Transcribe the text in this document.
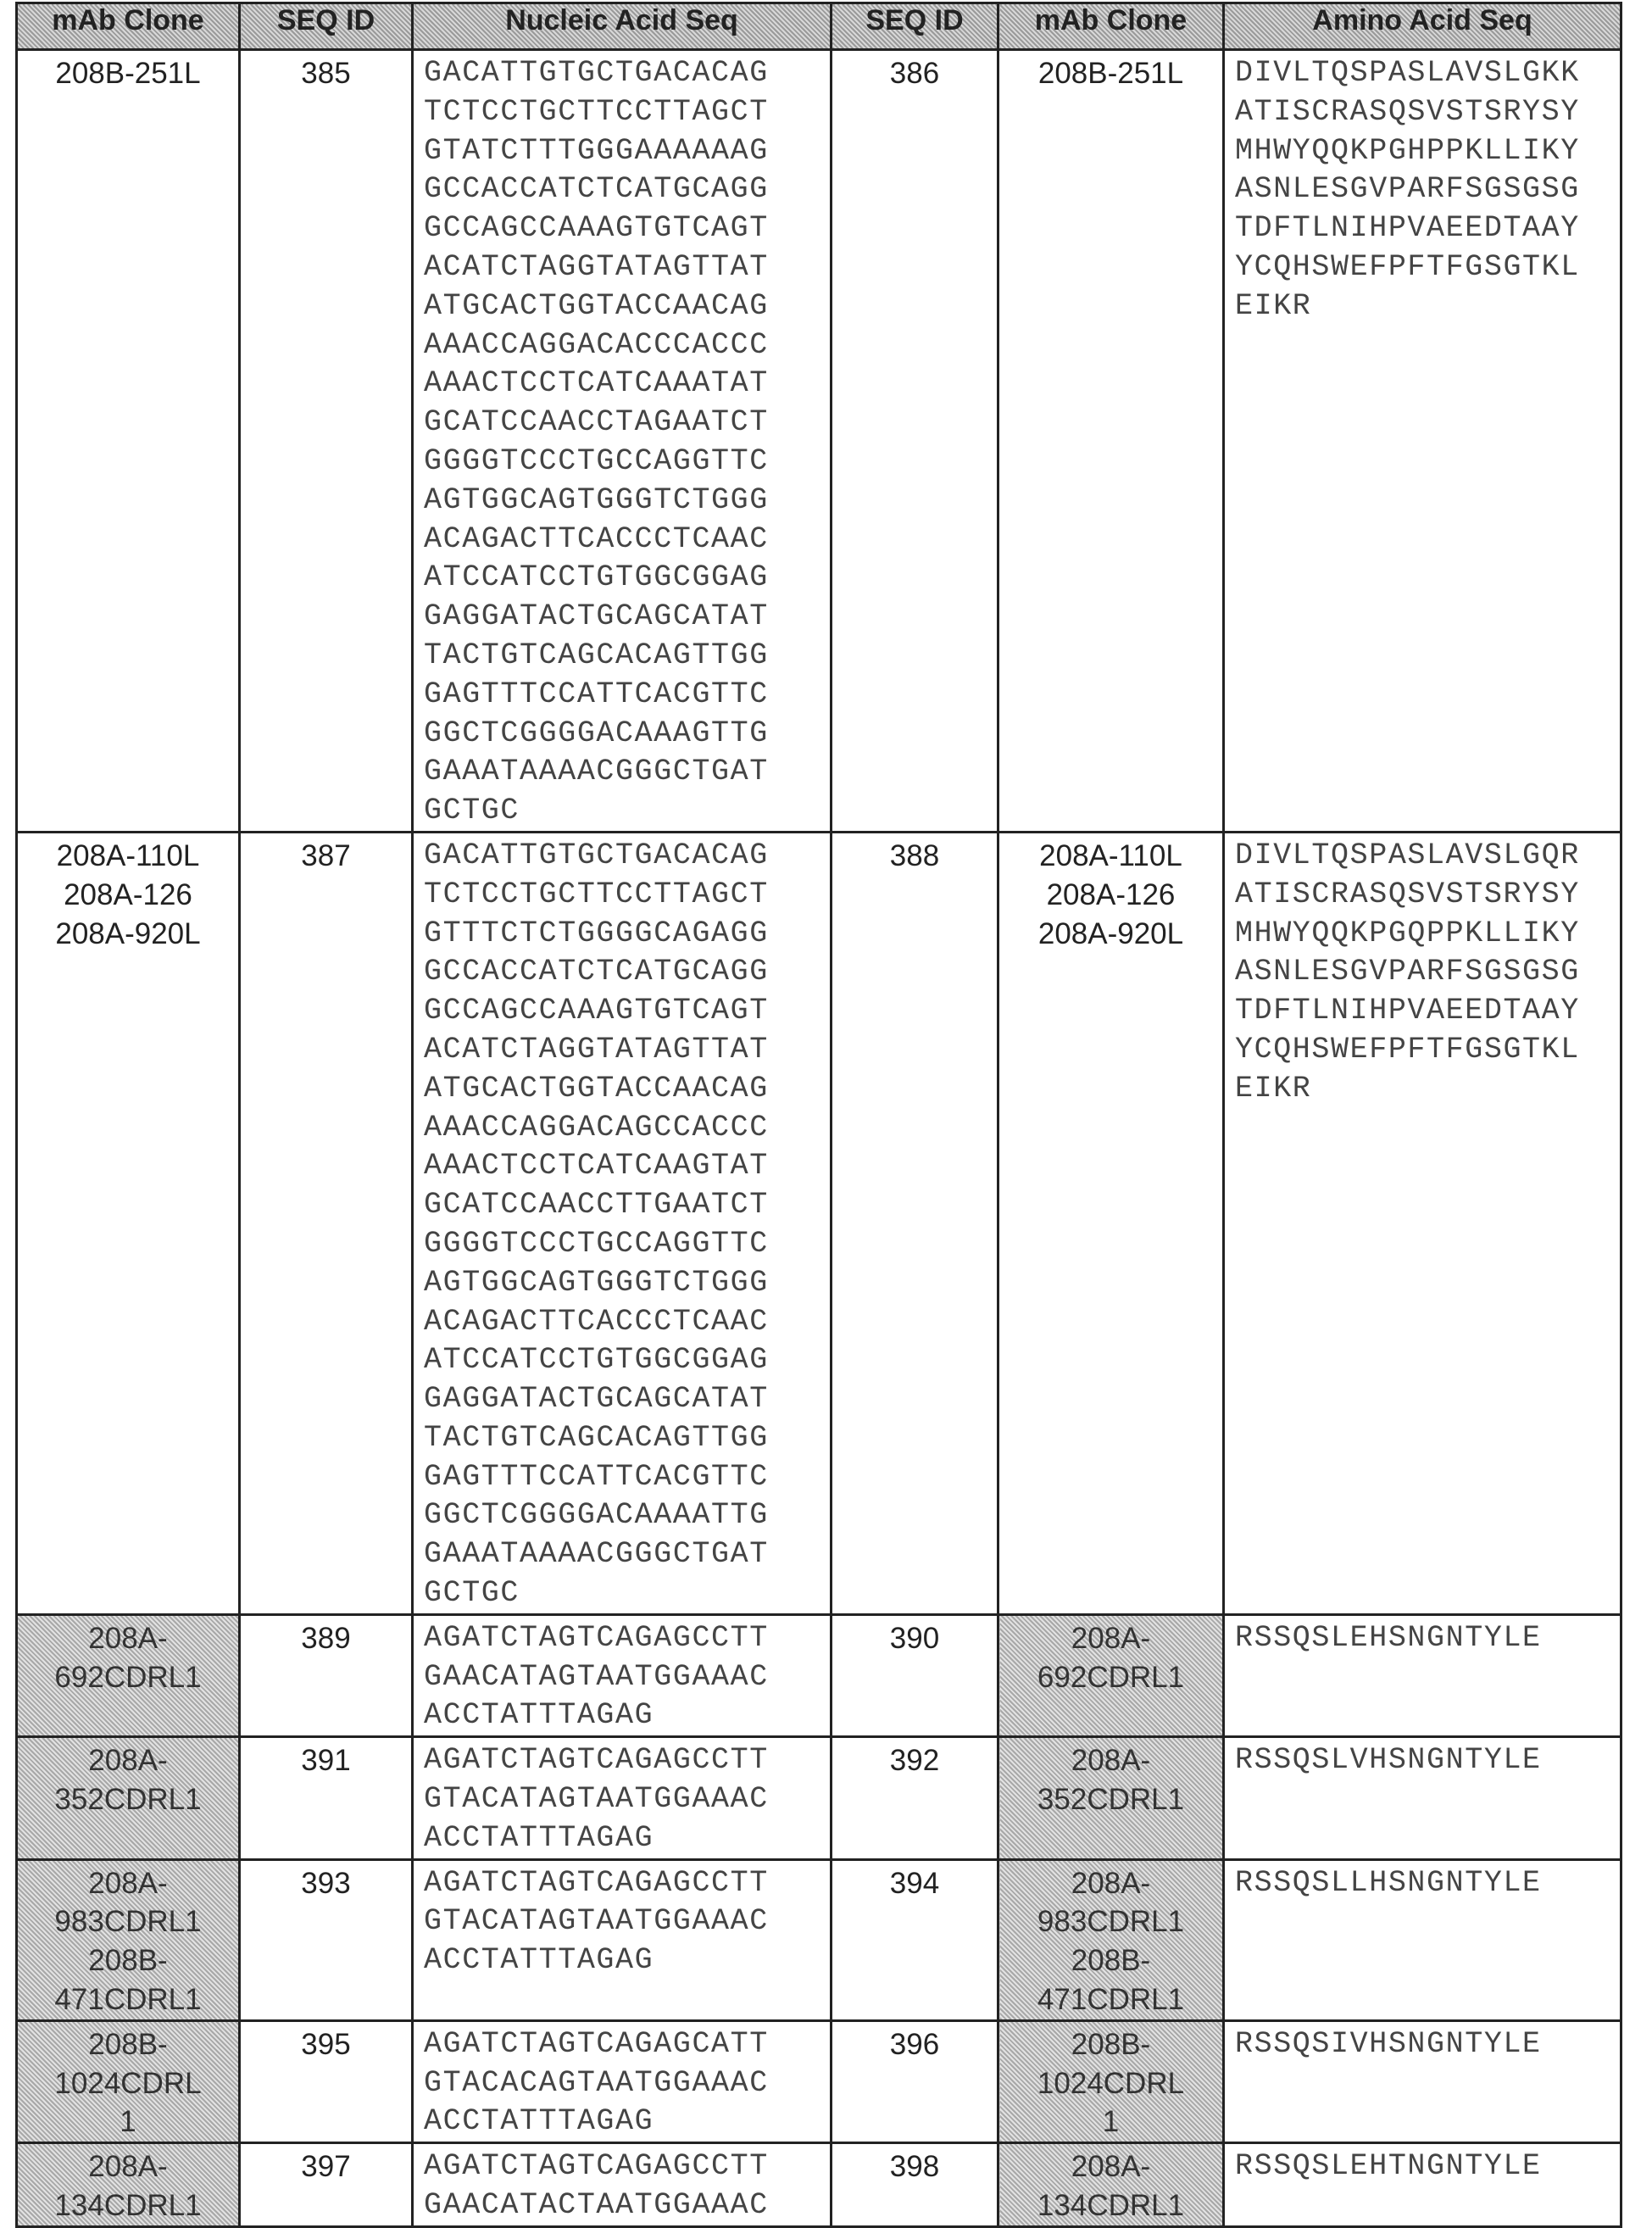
mAb Clone	SEQ ID	Nucleic Acid Seq	SEQ ID	mAb Clone	Amino Acid Seq

208B-251L	385	GACATTGTGCTGACACAG
TCTCCTGCTTCCTTAGCT
GTATCTTTGGGAAAAAAG
GCCACCATCTCATGCAGG
GCCAGCCAAAGTGTCAGT
ACATCTAGGTATAGTTAT
ATGCACTGGTACCAACAG
AAACCAGGACACCCACCC
AAACTCCTCATCAAATAT
GCATCCAACCTAGAATCT
GGGGTCCCTGCCAGGTTC
AGTGGCAGTGGGTCTGGG
ACAGACTTCACCCTCAAC
ATCCATCCTGTGGCGGAG
GAGGATACTGCAGCATAT
TACTGTCAGCACAGTTGG
GAGTTTCCATTCACGTTC
GGCTCGGGGACAAAGTTG
GAAATAAAACGGGCTGAT
GCTGC
	386	208B-251L	DIVLTQSPASLAVSLGKK
ATISCRASQSVSTSRYSY
MHWYQQKPGHPPKLLIKY
ASNLESGVPARFSGSGSG
TDFTLNIHPVAEEDTAAY
YCQHSWEFPFTFGSGTKL
EIKR

208A-110L
208A-126
208A-920L
	387	GACATTGTGCTGACACAG
TCTCCTGCTTCCTTAGCT
GTTTCTCTGGGGCAGAGG
GCCACCATCTCATGCAGG
GCCAGCCAAAGTGTCAGT
ACATCTAGGTATAGTTAT
ATGCACTGGTACCAACAG
AAACCAGGACAGCCACCC
AAACTCCTCATCAAGTAT
GCATCCAACCTTGAATCT
GGGGTCCCTGCCAGGTTC
AGTGGCAGTGGGTCTGGG
ACAGACTTCACCCTCAAC
ATCCATCCTGTGGCGGAG
GAGGATACTGCAGCATAT
TACTGTCAGCACAGTTGG
GAGTTTCCATTCACGTTC
GGCTCGGGGACAAAATTG
GAAATAAAACGGGCTGAT
GCTGC
	388	208A-110L
208A-126
208A-920L

DIVLTQSPASLAVSLGQR
ATISCRASQSVSTSRYSY
MHWYQQKPGQPPKLLIKY
ASNLESGVPARFSGSGSG
TDFTLNIHPVAEEDTAAY
YCQHSWEFPFTFGSGTKL
EIKR

208A-
692CDRL1
	389	AGATCTAGTCAGAGCCTT
GAACATAGTAATGGAAAC
ACCTATTTAGAG
	390	208A-
692CDRL1

RSSQSLEHSNGNTYLE

208A-
352CDRL1
	391	AGATCTAGTCAGAGCCTT
GTACATAGTAATGGAAAC
ACCTATTTAGAG
	392	208A-
352CDRL1

RSSQSLVHSNGNTYLE

208A-
983CDRL1
208B-
471CDRL1
	393	AGATCTAGTCAGAGCCTT
GTACATAGTAATGGAAAC
ACCTATTTAGAG
	394	208A-
983CDRL1
208B-
471CDRL1

RSSQSLLHSNGNTYLE

208B-
1024CDRL
1
	395	AGATCTAGTCAGAGCATT
GTACACAGTAATGGAAAC
ACCTATTTAGAG
	396	208B-
1024CDRL
1

RSSQSIVHSNGNTYLE

208A-
134CDRL1
	397	AGATCTAGTCAGAGCCTT
GAACATACTAATGGAAAC
	398	208A-
134CDRL1

RSSQSLEHTNGNTYLE
